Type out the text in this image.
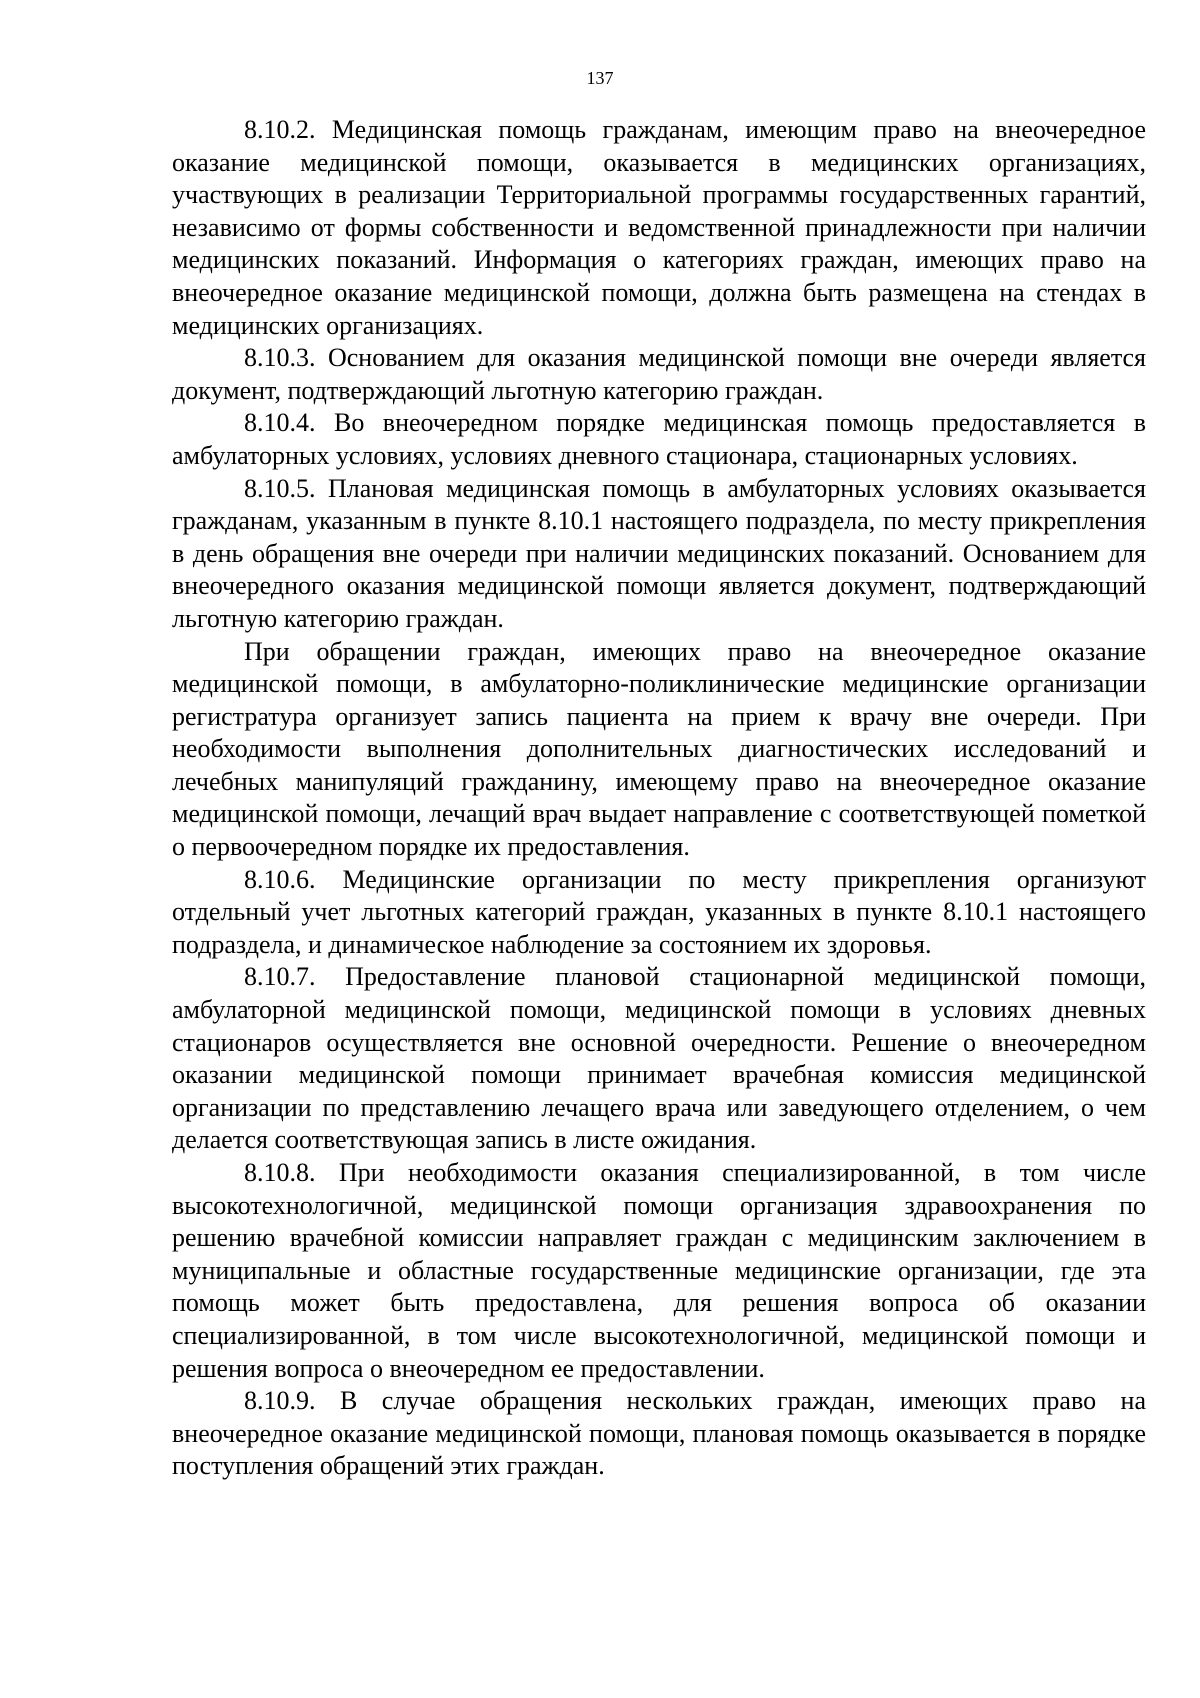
137

8.10.2. Медицинская помощь гражданам, имеющим право на внеочередное оказание медицинской помощи, оказывается в медицинских организациях, участвующих в реализации Территориальной программы государственных гарантий, независимо от формы собственности и ведомственной принадлежности при наличии медицинских показаний. Информация о категориях граждан, имеющих право на внеочередное оказание медицинской помощи, должна быть размещена на стендах в медицинских организациях.

8.10.3. Основанием для оказания медицинской помощи вне очереди является документ, подтверждающий льготную категорию граждан.

8.10.4. Во внеочередном порядке медицинская помощь предоставляется в амбулаторных условиях, условиях дневного стационара, стационарных условиях.

8.10.5. Плановая медицинская помощь в амбулаторных условиях оказывается гражданам, указанным в пункте 8.10.1 настоящего подраздела, по месту прикрепления в день обращения вне очереди при наличии медицинских показаний. Основанием для внеочередного оказания медицинской помощи является документ, подтверждающий льготную категорию граждан.

При обращении граждан, имеющих право на внеочередное оказание медицинской помощи, в амбулаторно-поликлинические медицинские организации регистратура организует запись пациента на прием к врачу вне очереди. При необходимости выполнения дополнительных диагностических исследований и лечебных манипуляций гражданину, имеющему право на внеочередное оказание медицинской помощи, лечащий врач выдает направление с соответствующей пометкой о первоочередном порядке их предоставления.

8.10.6. Медицинские организации по месту прикрепления организуют отдельный учет льготных категорий граждан, указанных в пункте 8.10.1 настоящего подраздела, и динамическое наблюдение за состоянием их здоровья.

8.10.7. Предоставление плановой стационарной медицинской помощи, амбулаторной медицинской помощи, медицинской помощи в условиях дневных стационаров осуществляется вне основной очередности. Решение о внеочередном оказании медицинской помощи принимает врачебная комиссия медицинской организации по представлению лечащего врача или заведующего отделением, о чем делается соответствующая запись в листе ожидания.

8.10.8. При необходимости оказания специализированной, в том числе высокотехнологичной, медицинской помощи организация здравоохранения по решению врачебной комиссии направляет граждан с медицинским заключением в муниципальные и областные государственные медицинские организации, где эта помощь может быть предоставлена, для решения вопроса об оказании специализированной, в том числе высокотехнологичной, медицинской помощи и решения вопроса о внеочередном ее предоставлении.

8.10.9. В случае обращения нескольких граждан, имеющих право на внеочередное оказание медицинской помощи, плановая помощь оказывается в порядке поступления обращений этих граждан.
